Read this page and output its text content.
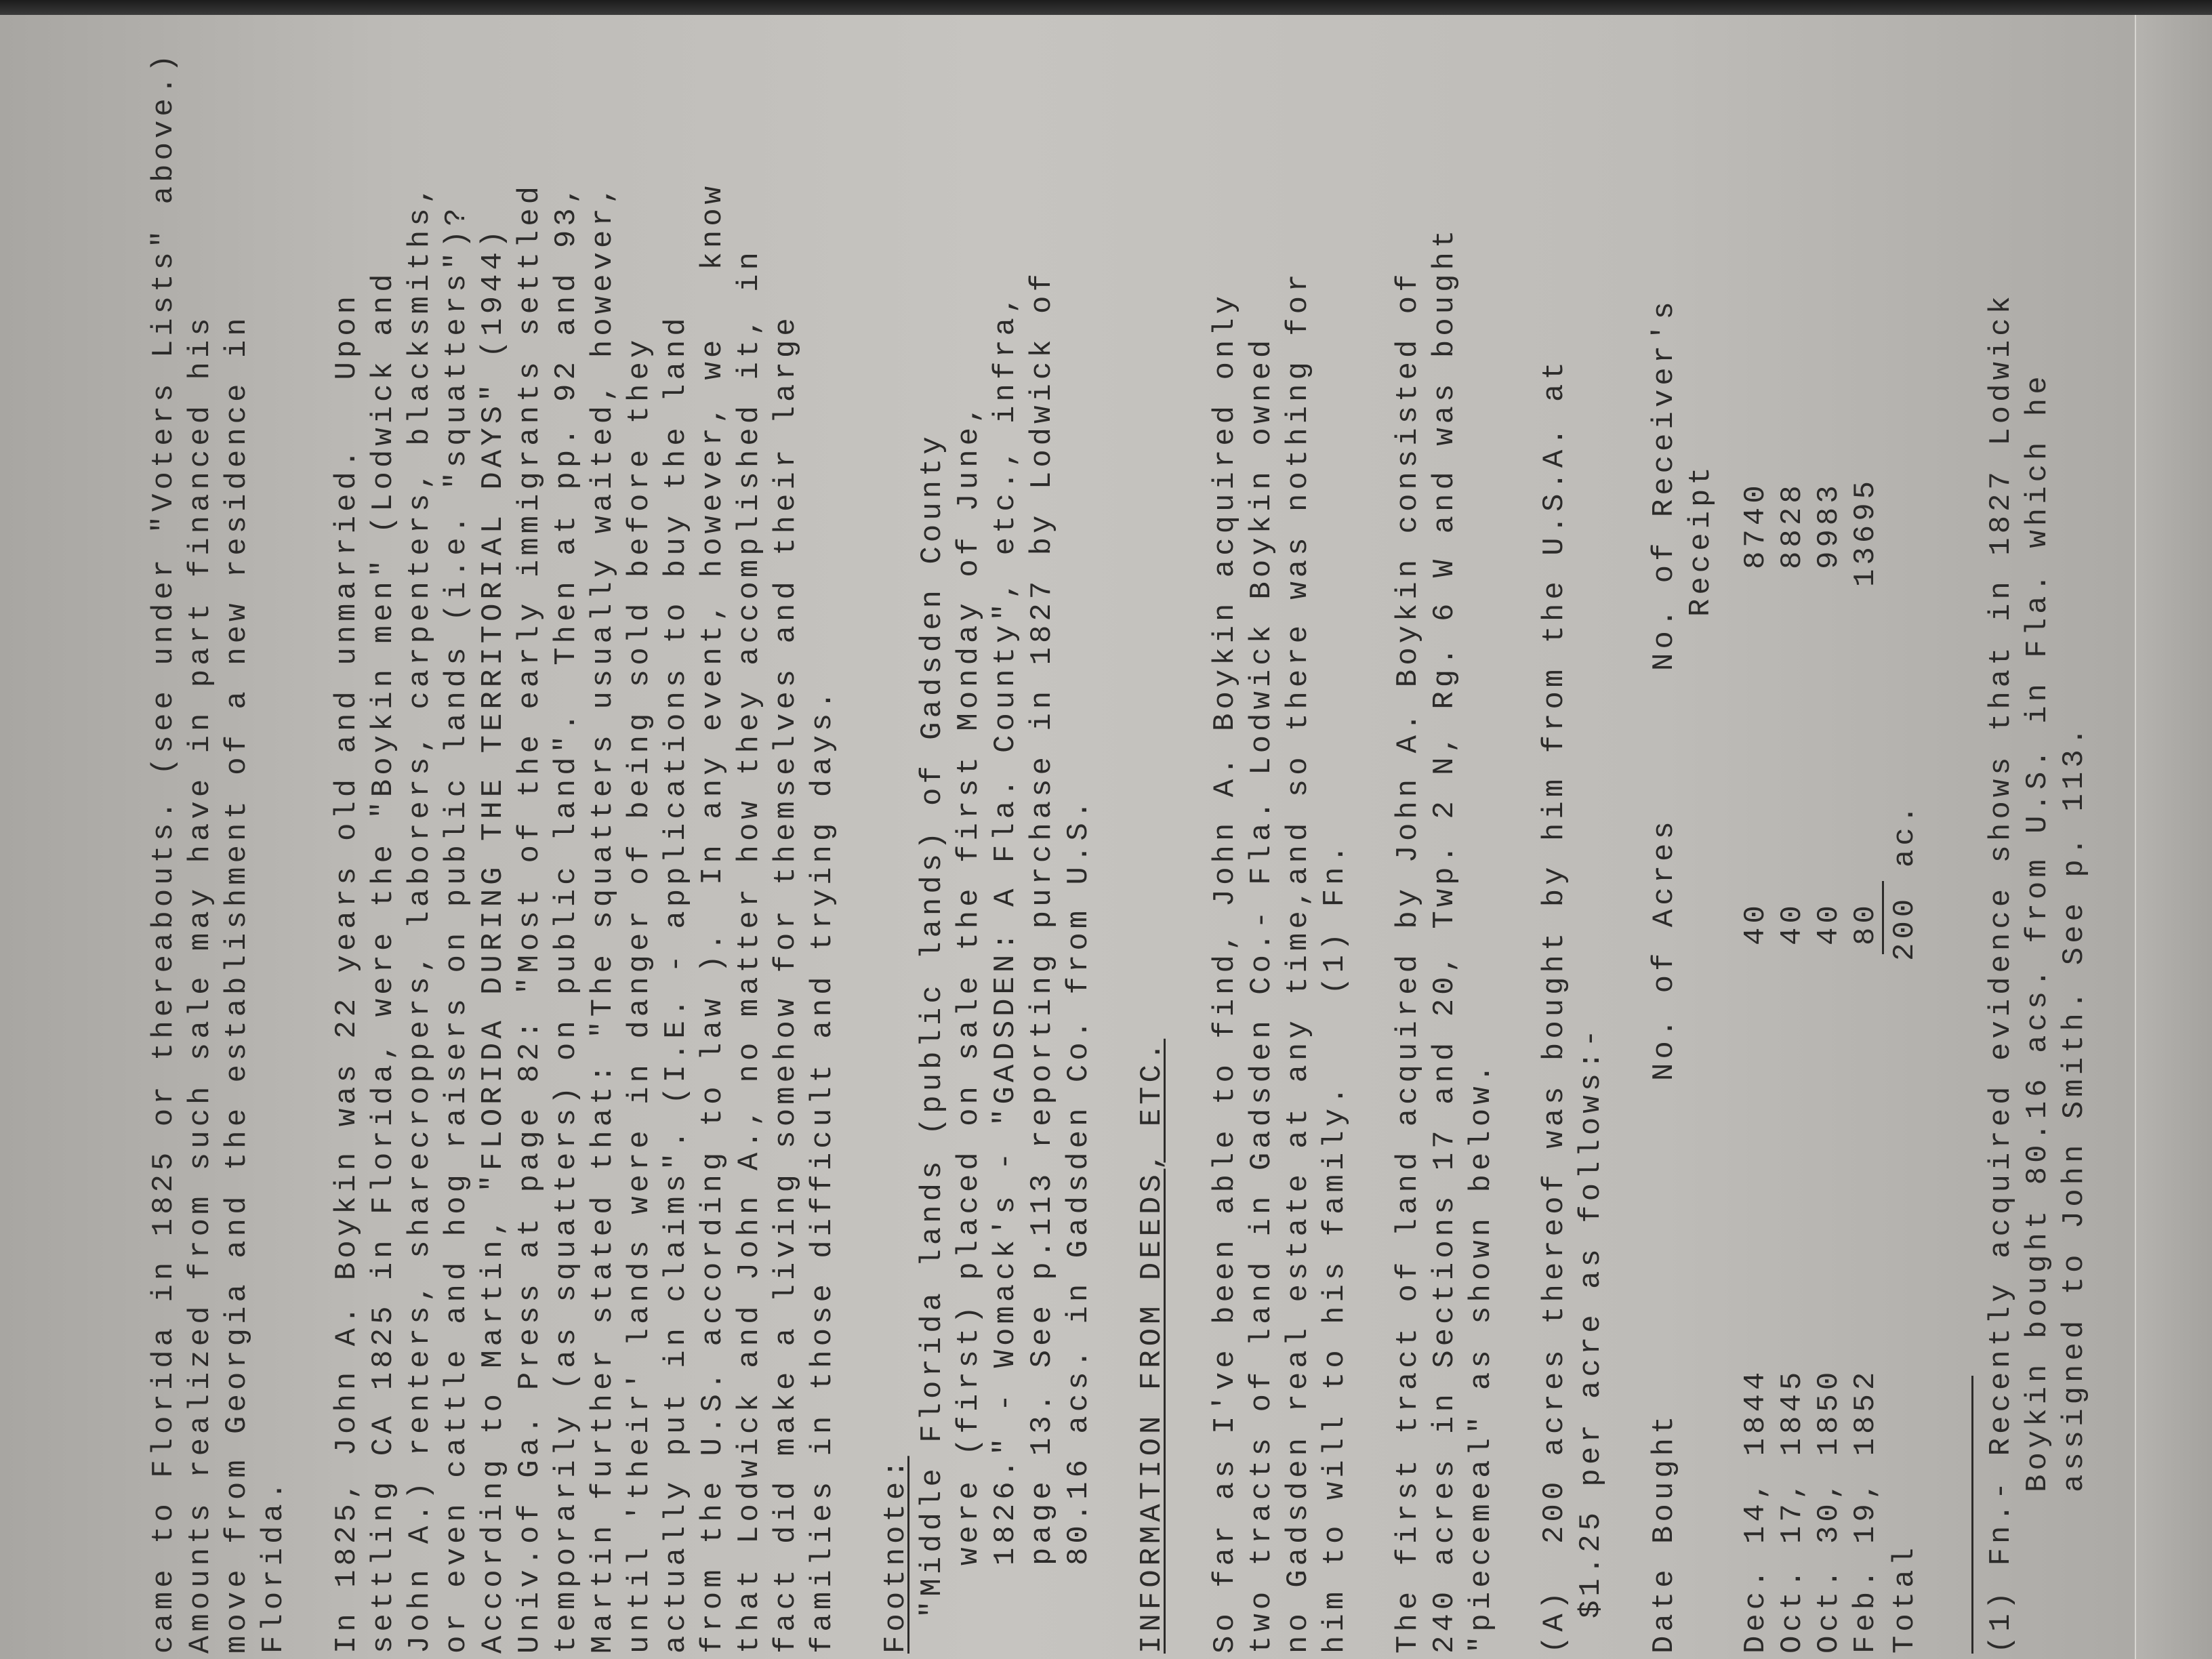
came to Florida in 1825 or thereabouts. (see under "Voters Lists" above.) Amounts realized from such sale may have in part financed his move from Georgia and the establishment of a new residence in Florida. In 1825, John A. Boykin was 22 years old and unmarried.   Upon settling CA 1825 in Florida, were the "Boykin men" (Lodwick and John A.) renters, sharecroppers, laborers, carpenters, blacksmiths, or even cattle and hog raisers on public lands (i.e. "squatters")? According to Martin, "FLORIDA DURING THE TERRITORIAL DAYS" (1944) Univ.of Ga. Press at page 82: "Most of the early immigrants settled temporarily (as squatters) on public land".  Then at pp. 92 and 93, Martin further stated that: "The squatters usually waited, however, until 'their' lands were in danger of being sold before they actually put in claims". (I.E. - applications to buy the land from the U.S. according to law ).  In any event, however, we   know that Lodwick and John A., no matter how they accomplished it, in fact did make a living somehow for themselves and their large families in those difficult and trying days. Footnote: "Middle Florida lands (public lands) of Gadsden County were (first) placed on sale the first Monday of June, 1826." - Womack's - "GADSDEN: A Fla. County", etc., infra, page 13. See p.113 reporting purchase in 1827 by Lodwick of 80.16 acs. in Gadsden Co. from U.S. INFORMATION FROM DEEDS, ETC. So far as I've been able to find, John A. Boykin acquired only two tracts of land in Gadsden Co.- Fla. Lodwick Boykin owned no Gadsden real estate at any time,and so there was nothing for him to will to his family.    (1) Fn. The first tract of land acquired by John A. Boykin consisted of 240 acres in Sections 17 and 20, Twp. 2 N, Rg. 6 W and was bought "piecemeal" as shown below. (A)  200 acres thereof was bought by him from the U.S.A. at $1.25 per acre as follows:- Date Bought
No. of Acres
No. of Receiver's Receipt
Dec. 14, 1844
40
8740
Oct. 17, 1845
40
8828
Oct. 30, 1850
40
9983
Feb. 19, 1852
80
13695
Total
200
ac. (1) Fn.- Recently acquired evidence shows that in 1827 Lodwick Boykin bought 80.16 acs. from U.S. in Fla. which he assigned to John Smith. See p. 113.
